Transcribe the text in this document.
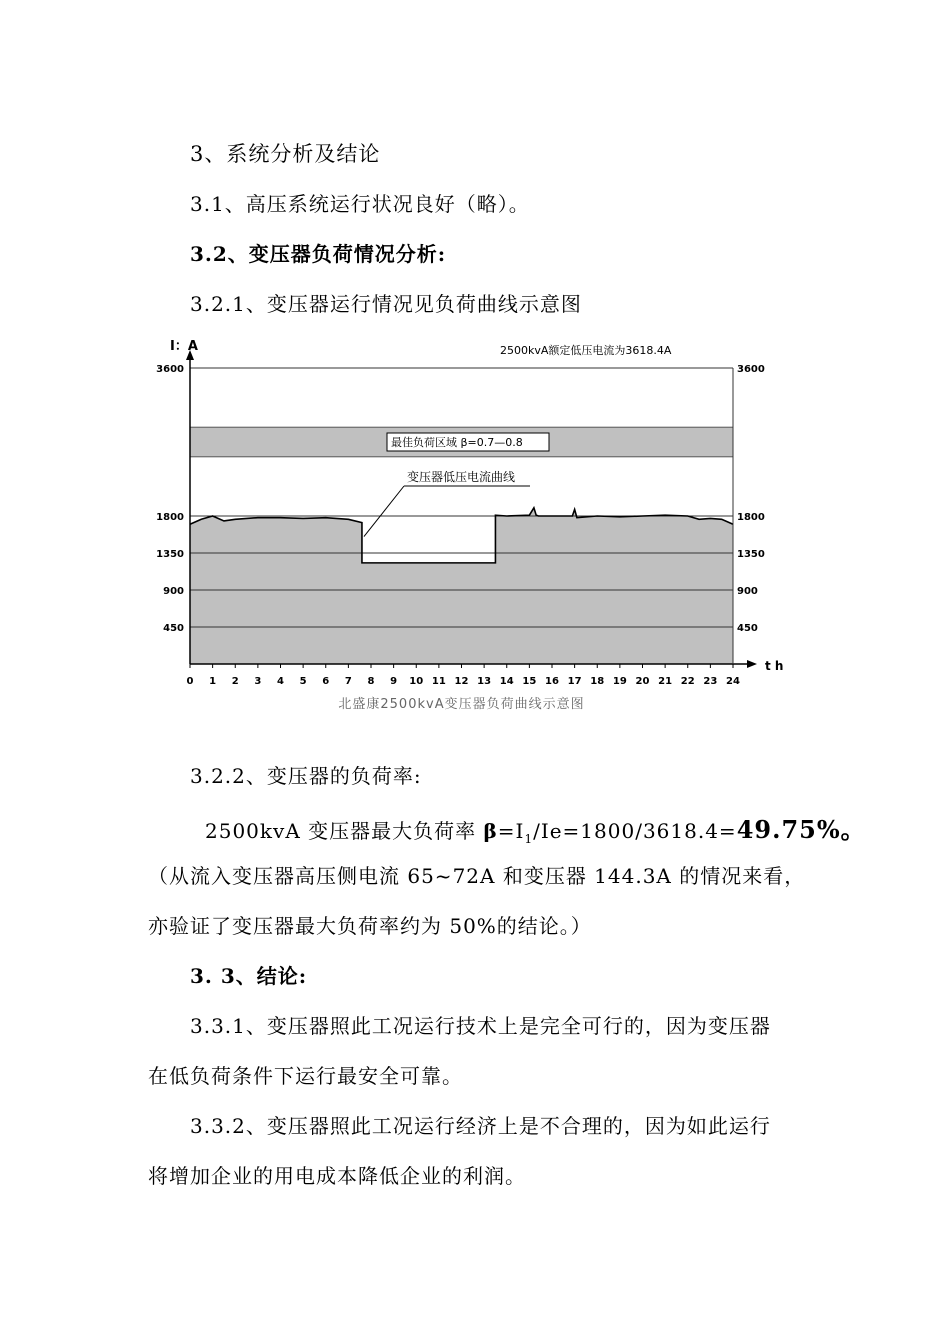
3、系统分析及结论
3.1、高压系统运行状况良好（略）。
3.2、变压器负荷情况分析:
3.2.1、变压器运行情况见负荷曲线示意图
450	450
900	900
1350	1350
1800	1800
3600	3600
0 1 2 3 4 5 6 7 8 9 10 11 12 13 14 15 16 17 18 19 20 21 22 23 24
I：A
t h
2500kvA额定低压电流为3618.4A
最佳负荷区域 β=0.7—0.8
变压器低压电流曲线
北盛康2500kvA变压器负荷曲线示意图
3.2.2、变压器的负荷率:
2500kvA 变压器最大负荷率 $\beta=I_1/Ie=1800/3618.4=49.75\%$。
（从流入变压器高压侧电流 65~72A 和变压器 144.3A 的情况来看，
亦验证了变压器最大负荷率约为 50%的结论。）
3. 3、结论:
3.3.1、变压器照此工况运行技术上是完全可行的，因为变压器
在低负荷条件下运行最安全可靠。
3.3.2、变压器照此工况运行经济上是不合理的，因为如此运行
将增加企业的用电成本降低企业的利润。
